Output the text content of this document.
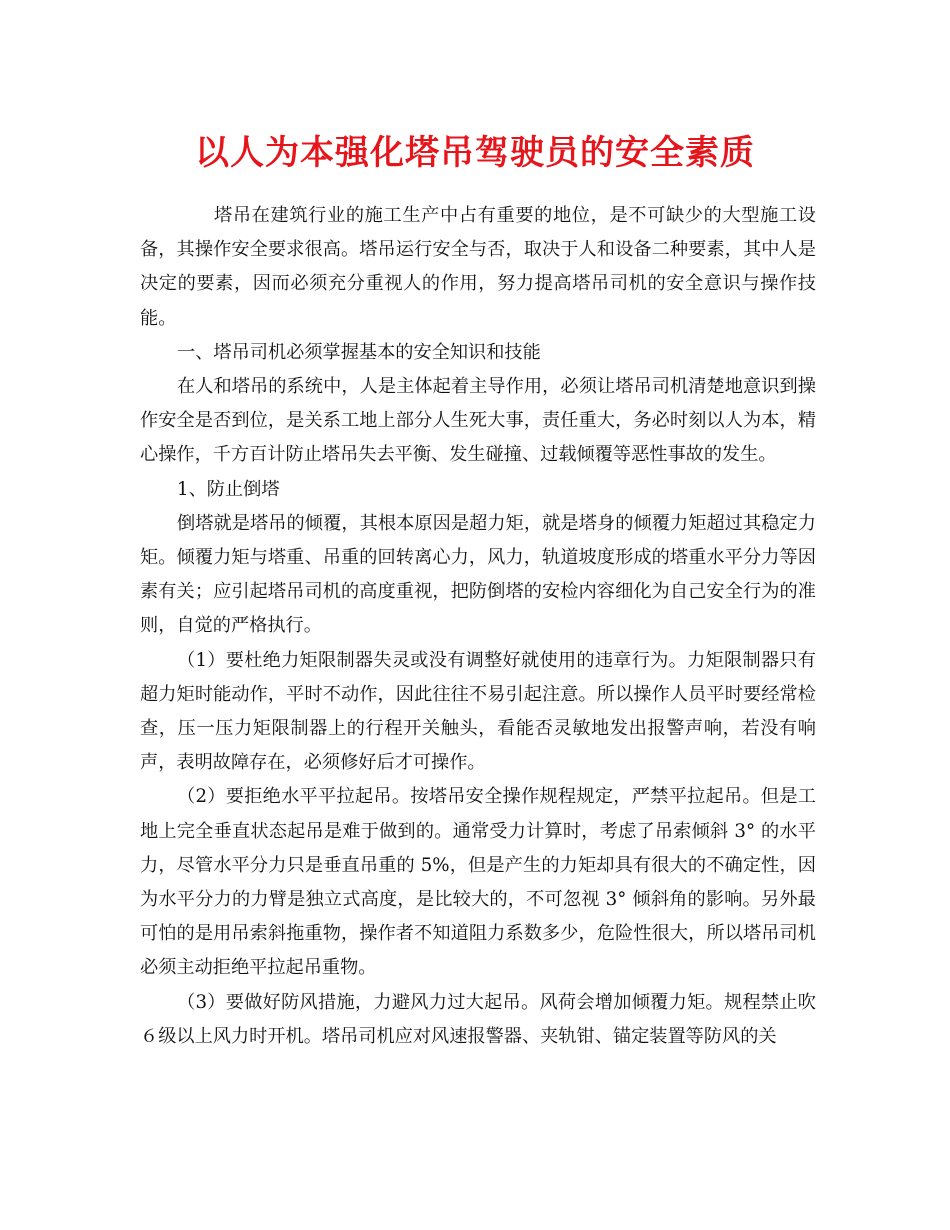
以人为本强化塔吊驾驶员的安全素质

塔吊在建筑行业的施工生产中占有重要的地位，是不可缺少的大型施工设备，其操作安全要求很高。塔吊运行安全与否，取决于人和设备二种要素，其中人是决定的要素，因而必须充分重视人的作用，努力提高塔吊司机的安全意识与操作技能。

一、塔吊司机必须掌握基本的安全知识和技能

在人和塔吊的系统中，人是主体起着主导作用，必须让塔吊司机清楚地意识到操作安全是否到位，是关系工地上部分人生死大事，责任重大，务必时刻以人为本，精心操作，千方百计防止塔吊失去平衡、发生碰撞、过载倾覆等恶性事故的发生。

1、防止倒塔

倒塔就是塔吊的倾覆，其根本原因是超力矩，就是塔身的倾覆力矩超过其稳定力矩。倾覆力矩与塔重、吊重的回转离心力，风力，轨道坡度形成的塔重水平分力等因素有关；应引起塔吊司机的高度重视，把防倒塔的安检内容细化为自己安全行为的准则，自觉的严格执行。

（1）要杜绝力矩限制器失灵或没有调整好就使用的违章行为。力矩限制器只有超力矩时能动作，平时不动作，因此往往不易引起注意。所以操作人员平时要经常检查，压一压力矩限制器上的行程开关触头，看能否灵敏地发出报警声响，若没有响声，表明故障存在，必须修好后才可操作。

（2）要拒绝水平平拉起吊。按塔吊安全操作规程规定，严禁平拉起吊。但是工地上完全垂直状态起吊是难于做到的。通常受力计算时，考虑了吊索倾斜 3° 的水平力，尽管水平分力只是垂直吊重的 5%，但是产生的力矩却具有很大的不确定性，因为水平分力的力臂是独立式高度，是比较大的，不可忽视 3° 倾斜角的影响。另外最可怕的是用吊索斜拖重物，操作者不知道阻力系数多少，危险性很大，所以塔吊司机必须主动拒绝平拉起吊重物。

（3）要做好防风措施，力避风力过大起吊。风荷会增加倾覆力矩。规程禁止吹６级以上风力时开机。塔吊司机应对风速报警器、夹轨钳、锚定装置等防风的关
